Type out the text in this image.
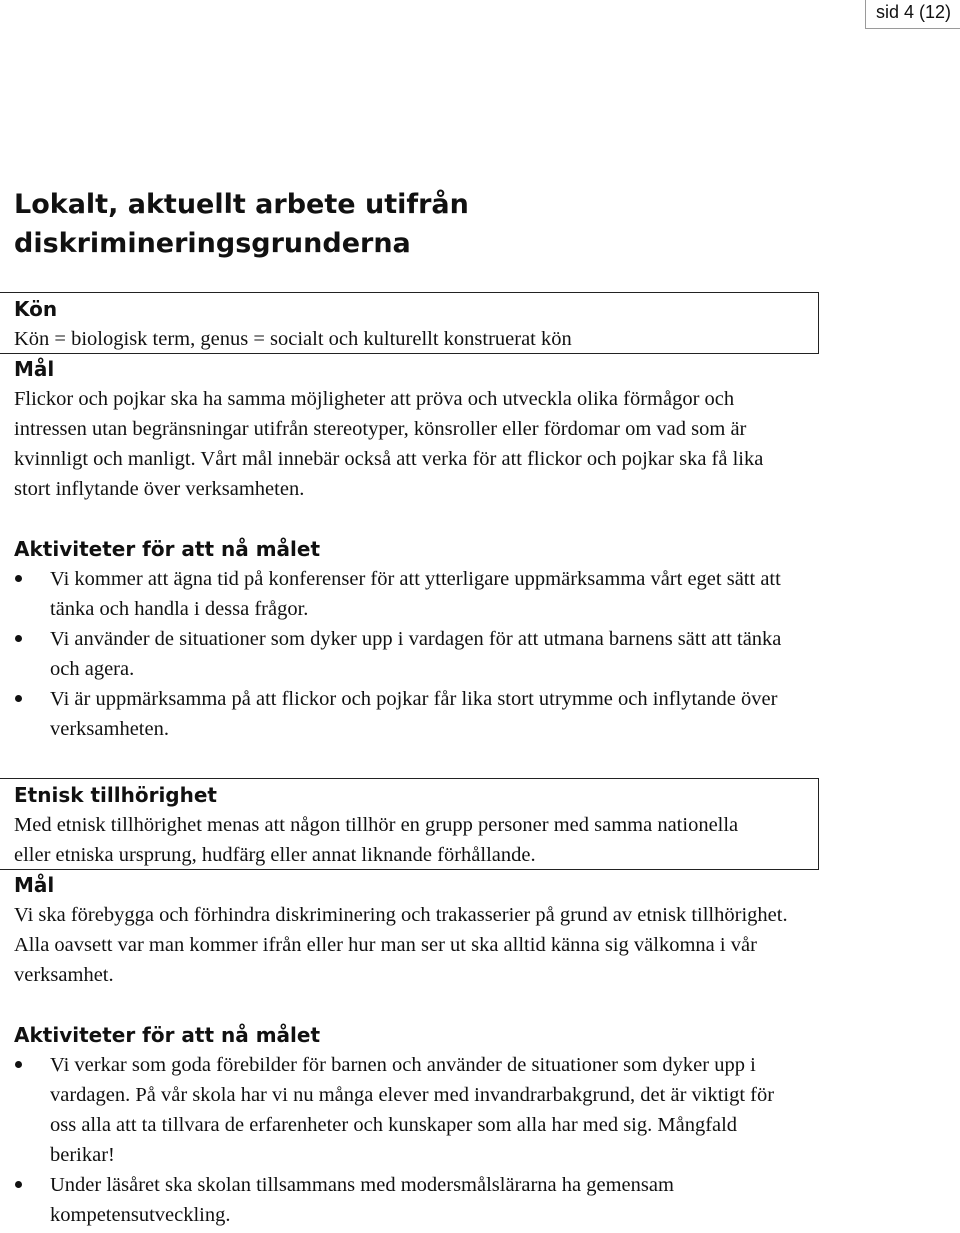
sid 4 (12)
Lokalt, aktuellt arbete utifrån diskrimineringsgrunderna

Kön

Kön = biologisk term, genus = socialt och kulturellt konstruerat kön

Mål

Flickor och pojkar ska ha samma möjligheter att pröva och utveckla olika förmågor och intressen utan begränsningar utifrån stereotyper, könsroller eller fördomar om vad som är kvinnligt och manligt. Vårt mål innebär också att verka för att flickor och pojkar ska få lika stort inflytande över verksamheten.

Aktiviteter för att nå målet

Vi kommer att ägna tid på konferenser för att ytterligare uppmärksamma vårt eget sätt att tänka och handla i dessa frågor.
Vi använder de situationer som dyker upp i vardagen för att utmana barnens sätt att tänka och agera.
Vi är uppmärksamma på att flickor och pojkar får lika stort utrymme och inflytande över verksamheten.

Etnisk tillhörighet

Med etnisk tillhörighet menas att någon tillhör en grupp personer med samma nationella eller etniska ursprung, hudfärg eller annat liknande förhållande.

Mål

Vi ska förebygga och förhindra diskriminering och trakasserier på grund av etnisk tillhörighet. Alla oavsett var man kommer ifrån eller hur man ser ut ska alltid känna sig välkomna i vår verksamhet.

Aktiviteter för att nå målet

Vi verkar som goda förebilder för barnen och använder de situationer som dyker upp i vardagen. På vår skola har vi nu många elever med invandrarbakgrund, det är viktigt för oss alla att ta tillvara de erfarenheter och kunskaper som alla har med sig. Mångfald berikar!
Under läsåret ska skolan tillsammans med modersmålslärarna ha gemensam kompetensutveckling.
